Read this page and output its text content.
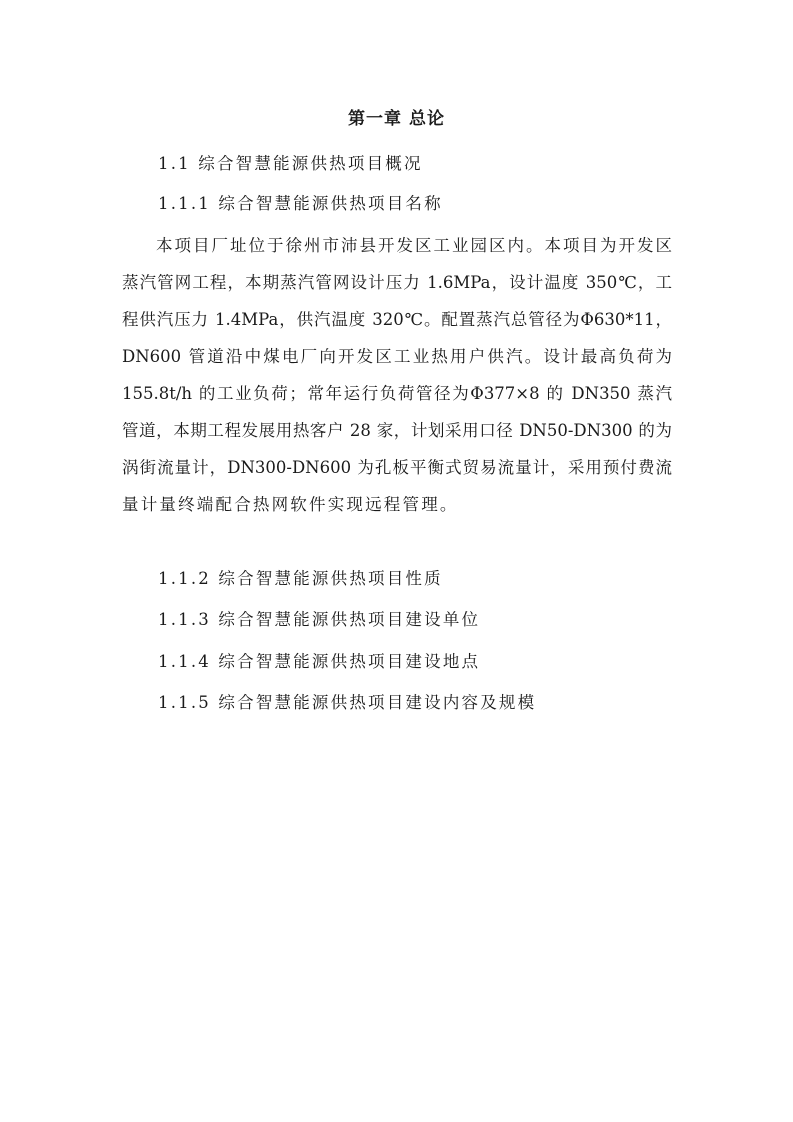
第一章 总论
1.1 综合智慧能源供热项目概况
1.1.1 综合智慧能源供热项目名称
本项目厂址位于徐州市沛县开发区工业园区内。本项目为开发区
蒸汽管网工程，本期蒸汽管网设计压力 1.6MPa，设计温度 350℃，工
程供汽压力 1.4MPa，供汽温度 320℃。配置蒸汽总管径为Φ630*11，
DN600 管道沿中煤电厂向开发区工业热用户供汽。设计最高负荷为
155.8t/h 的工业负荷；常年运行负荷管径为Φ377×8 的 DN350 蒸汽
管道，本期工程发展用热客户 28 家，计划采用口径 DN50-DN300 的为
涡街流量计，DN300-DN600 为孔板平衡式贸易流量计，采用预付费流
量计量终端配合热网软件实现远程管理。
1.1.2 综合智慧能源供热项目性质
1.1.3 综合智慧能源供热项目建设单位
1.1.4 综合智慧能源供热项目建设地点
1.1.5 综合智慧能源供热项目建设内容及规模
